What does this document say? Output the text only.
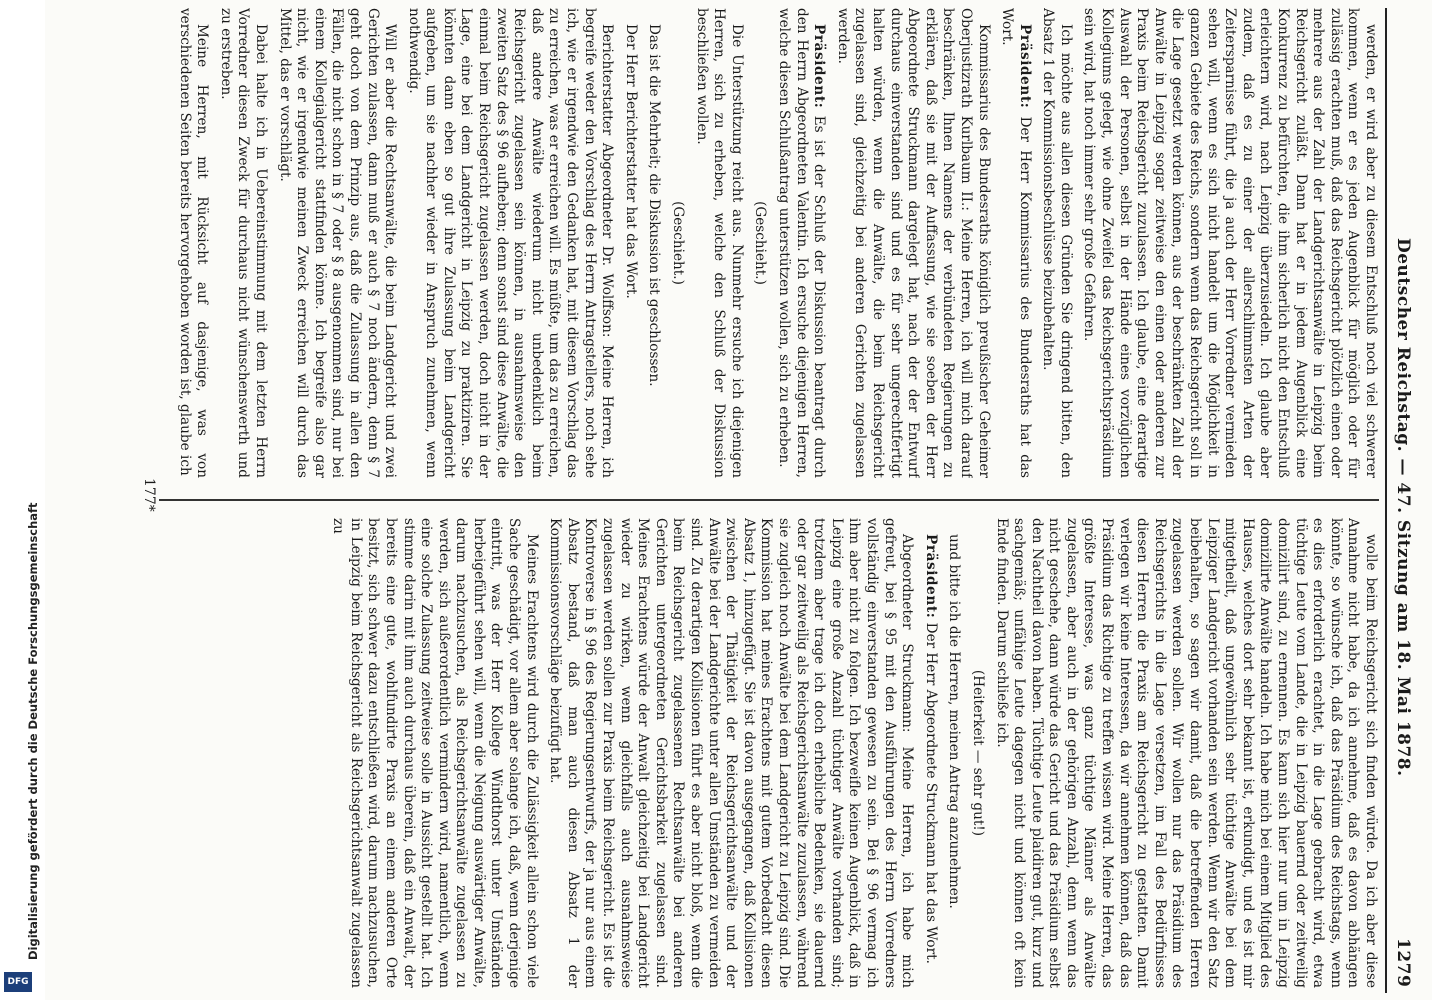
Deutscher Reichstag. — 47. Sitzung am 18. Mai 1878.
1279

werden, er wird aber zu diesem Entschluß noch viel schwerer kommen, wenn er es jeden Augenblick für möglich oder für zulässig erachten muß, daß das Reichsgericht plötzlich einen oder mehrere aus der Zahl der Landgerichtsanwälte in Leipzig beim Reichsgericht zuläßt. Dann hat er in jedem Augenblick eine Konkurrenz zu befürchten, die ihm sicherlich nicht den Entschluß erleichtern wird, nach Leipzig überzusiedeln. Ich glaube aber zudem, daß es zu einer der allerschlimmsten Arten der Zeitersparnisse führt, die ja auch der Herr Vorredner vermieden sehen will, wenn es sich nicht handelt um die Möglichkeit in ganzen Gebiete des Reichs, sondern wenn das Reichsgericht soll in die Lage gesetzt werden können, aus der beschränkten Zahl der Anwälte in Leipzig sogar zeitweise den einen oder anderen zur Praxis beim Reichsgericht zuzulassen. Ich glaube, eine derartige Auswahl der Personen, selbst in der Hände eines vorzüglichen Kollegiums gelegt, wie ohne Zweifel das Reichsgerichtspräsidium sein wird, hat noch immer sehr große Gefahren.

Ich möchte aus allen diesen Gründen Sie dringend bitten, den Absatz 1 der Kommissionsbeschlüsse beizubehalten.

Präsident: Der Herr Kommissarius des Bundesraths hat das Wort.

Kommissarius des Bundesraths königlich preußischer Geheimer Oberjustizrath Kurlbaum II.: Meine Herren, ich will mich darauf beschränken, Ihnen Namens der verbündeten Regierungen zu erklären, daß sie mit der Auffassung, wie sie soeben der Herr Abgeordnete Struckmann dargelegt hat, nach der der Entwurf durchaus einverstanden sind und es für sehr ungerechtfertigt halten würden, wenn die Anwälte, die beim Reichsgericht zugelassen sind, gleichzeitig bei anderen Gerichten zugelassen werden.

Präsident: Es ist der Schluß der Diskussion beantragt durch den Herrn Abgeordneten Valentin. Ich ersuche diejenigen Herren, welche diesen Schlußantrag unterstützen wollen, sich zu erheben.

(Geschieht.)

Die Unterstützung reicht aus. Nunmehr ersuche ich diejenigen Herren, sich zu erheben, welche den Schluß der Diskussion beschließen wollen.

(Geschieht.)

Das ist die Mehrheit; die Diskussion ist geschlossen.

Der Herr Berichterstatter hat das Wort.

Berichterstatter Abgeordneter Dr. Wolffson: Meine Herren, ich begreife weder den Vorschlag des Herrn Antragstellers, noch sehe ich, wie er irgendwie den Gedanken hat, mit diesem Vorschlag das zu erreichen, was er erreichen will. Es müßte, um das zu erreichen, daß andere Anwälte wiederum nicht unbedenklich beim Reichsgericht zugelassen sein können, in ausnahmsweise den zweiten Satz des § 96 aufheben; denn sonst sind diese Anwälte, die einmal beim Reichsgericht zugelassen werden, doch nicht in der Lage, eine bei dem Landgericht in Leipzig zu praktiziren. Sie könnten dann eben so gut ihre Zulassung beim Landgericht aufgeben, um sie nachher wieder in Anspruch zunehmen, wenn nothwendig.

Will er aber die Rechtsanwälte, die beim Landgericht und zwei Gerichten zulassen, dann muß er auch § 7 noch ändern, denn § 7 geht doch von dem Prinzip aus, daß die Zulassung in allen den Fällen, die nicht schon in § 7 oder § 8 ausgenommen sind, nur bei einem Kollegialgericht stattfinden könne. Ich begreife also gar nicht, wie er irgendwie meinen Zweck erreichen will durch das Mittel, das er vorschlägt.

Dabei halte ich in Uebereinstimmung mit dem letzten Herrn Vorredner diesen Zweck für durchaus nicht wünschenswerth und zu erstreben.

Meine Herren, mit Rücksicht auf dasjenige, was von verschiedenen Seiten bereits hervorgehoben worden ist, glaube ich

wolle beim Reichsgericht sich finden würde. Da ich aber diese Annahme nicht habe, da ich annehme, daß es davon abhängen könnte, so wünsche ich, daß das Präsidium des Reichstags, wenn es dies erforderlich erachtet, in die Lage gebracht wird, etwa tüchtige Leute vom Lande, die in Leipzig bauernd oder zeitweilig domizilirt sind, zu ernennen. Es kann sich hier nur um in Leipzig domizilirte Anwälte handeln. Ich habe mich bei einem Mitglied des Hauses, welches dort sehr bekannt ist, erkundigt, und es ist mir mitgetheilt, daß ungewöhnlich sehr tüchtige Anwälte bei dem Leipziger Landgericht vorhanden sein werden. Wenn wir den Satz beibehalten, so sagen wir damit, daß die betreffenden Herren zugelassen werden sollen. Wir wollen nur das Präsidium des Reichsgerichts in die Lage versetzen, im Fall des Bedürfnisses diesen Herren die Praxis am Reichsgericht zu gestatten. Damit verlegen wir keine Interessen, da wir annehmen können, daß das Präsidium das Richtige zu treffen wissen wird. Meine Herren, das größte Interesse, was ganz tüchtige Männer als Anwälte zugelassen, aber auch in der gehörigen Anzahl, denn wenn das nicht geschehe, dann würde das Gericht und das Präsidium selbst den Nachtheil davon haben. Tüchtige Leute plaidiren gut, kurz und sachgemäß; unfähige Leute dagegen nicht und können oft kein Ende finden. Darum schließe ich.

(Heiterkeit — sehr gut!)

und bitte ich die Herren, meinen Antrag anzunehmen.

Präsident: Der Herr Abgeordnete Struckmann hat das Wort.

Abgeordneter Struckmann: Meine Herren, ich habe mich gefreut, bei § 95 mit den Ausführungen des Herrn Vorredners vollständig einverstanden gewesen zu sein. Bei § 96 vermag ich ihm aber nicht zu folgen. Ich bezweifle keinen Augenblick, daß in Leipzig eine große Anzahl tüchtiger Anwälte vorhanden sind; trotzdem aber trage ich doch erhebliche Bedenken, sie dauernd oder gar zeitweilig als Reichsgerichtsanwälte zuzulassen, während sie zugleich noch Anwälte bei dem Landgericht zu Leipzig sind. Die Kommission hat meines Erachtens mit gutem Vorbedacht diesen Absatz 1, hinzugefügt. Sie ist davon ausgegangen, daß Kollisionen zwischen der Thätigkeit der Reichsgerichtsanwälte und der Anwälte bei der Landgerichte unter allen Umständen zu vermeiden sind. Zu derartigen Kollisionen führt es aber nicht bloß, wenn die beim Reichsgericht zugelassenen Rechtsanwälte bei anderen Gerichten untergeordneten Gerichtsbarkeit zugelassen sind. Meines Erachtens würde der Anwalt gleichzeitig bei Landgericht wieder zu wirken, wenn gleichfalls auch ausnahmsweise zugelassen werden sollen zur Praxis beim Reichsgericht. Es ist die Kontroverse in § 96 des Regierungsentwurfs, der ja nur aus einem Absatz bestand, daß man auch diesen Absatz 1 der Kommissionsvorschläge beizufügt hat.

Meines Erachtens wird durch die Zulässigkeit allein schon viele Sache geschädigt, vor allem aber solange ich, daß, wenn derjenige eintritt, was der Herr Kollege Windthorst unter Umständen herbeigeführt sehen will, wenn die Neigung auswärtiger Anwälte, darum nachzusuchen, als Reichsgerichtsanwälte zugelassen zu werden, sich außerordentlich vermindern wird, namentlich, wenn eine solche Zulassung zeitweise solle in Aussicht gestellt hat. Ich stimme darin mit ihm auch durchaus überein, daß ein Anwalt, der bereits eine gute, wohlfundirte Praxis an einem anderen Orte besitzt, sich schwer dazu entschließen wird, darum nachzusuchen, in Leipzig beim Reichsgericht als Reichsgerichtsanwalt zugelassen zu

177*
Digitalisierung gefördert durch die Deutsche Forschungsgemeinschaft
DFG
